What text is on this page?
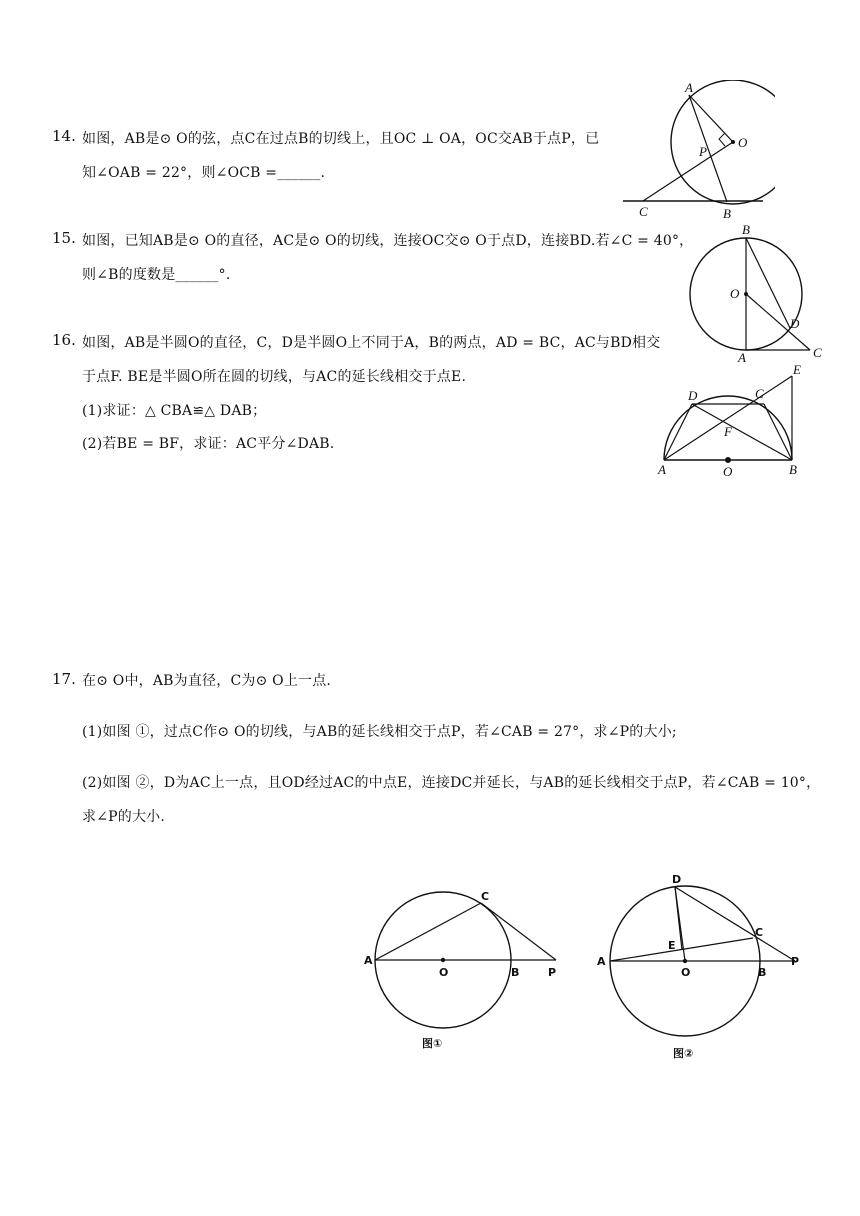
14. 如图，AB是⊙ O的弦，点C在过点B的切线上，且OC ⊥ OA，OC交AB于点P，已
知∠OAB = 22°，则∠OCB =______.
A
O
P
C	B
15. 如图，已知AB是⊙ O的直径，AC是⊙ O的切线，连接OC交⊙ O于点D，连接BD.若∠C = 40°，
则∠B的度数是______°.
B
O
D
A	C
16. 如图，AB是半圆O的直径，C，D是半圆O上不同于A，B的两点，AD = BC，AC与BD相交
于点F. BE是半圆O所在圆的切线，与AC的延长线相交于点E.
(1)求证：△ CBA≌△ DAB；
(2)若BE = BF，求证：AC平分∠DAB.
D	C
E
F
A	O	B
17. 在⊙ O中，AB为直径，C为⊙ O上一点.
(1)如图 ①，过点C作⊙ O的切线，与AB的延长线相交于点P，若∠CAB = 27°，求∠P的大小;
(2)如图 ②，D为AC上一点，且OD经过AC的中点E，连接DC并延长，与AB的延长线相交于点P，若∠CAB = 10°，
求∠P的大小.
A
O	B	P
C
图①
D
E
C
A
O	B
P
图②
